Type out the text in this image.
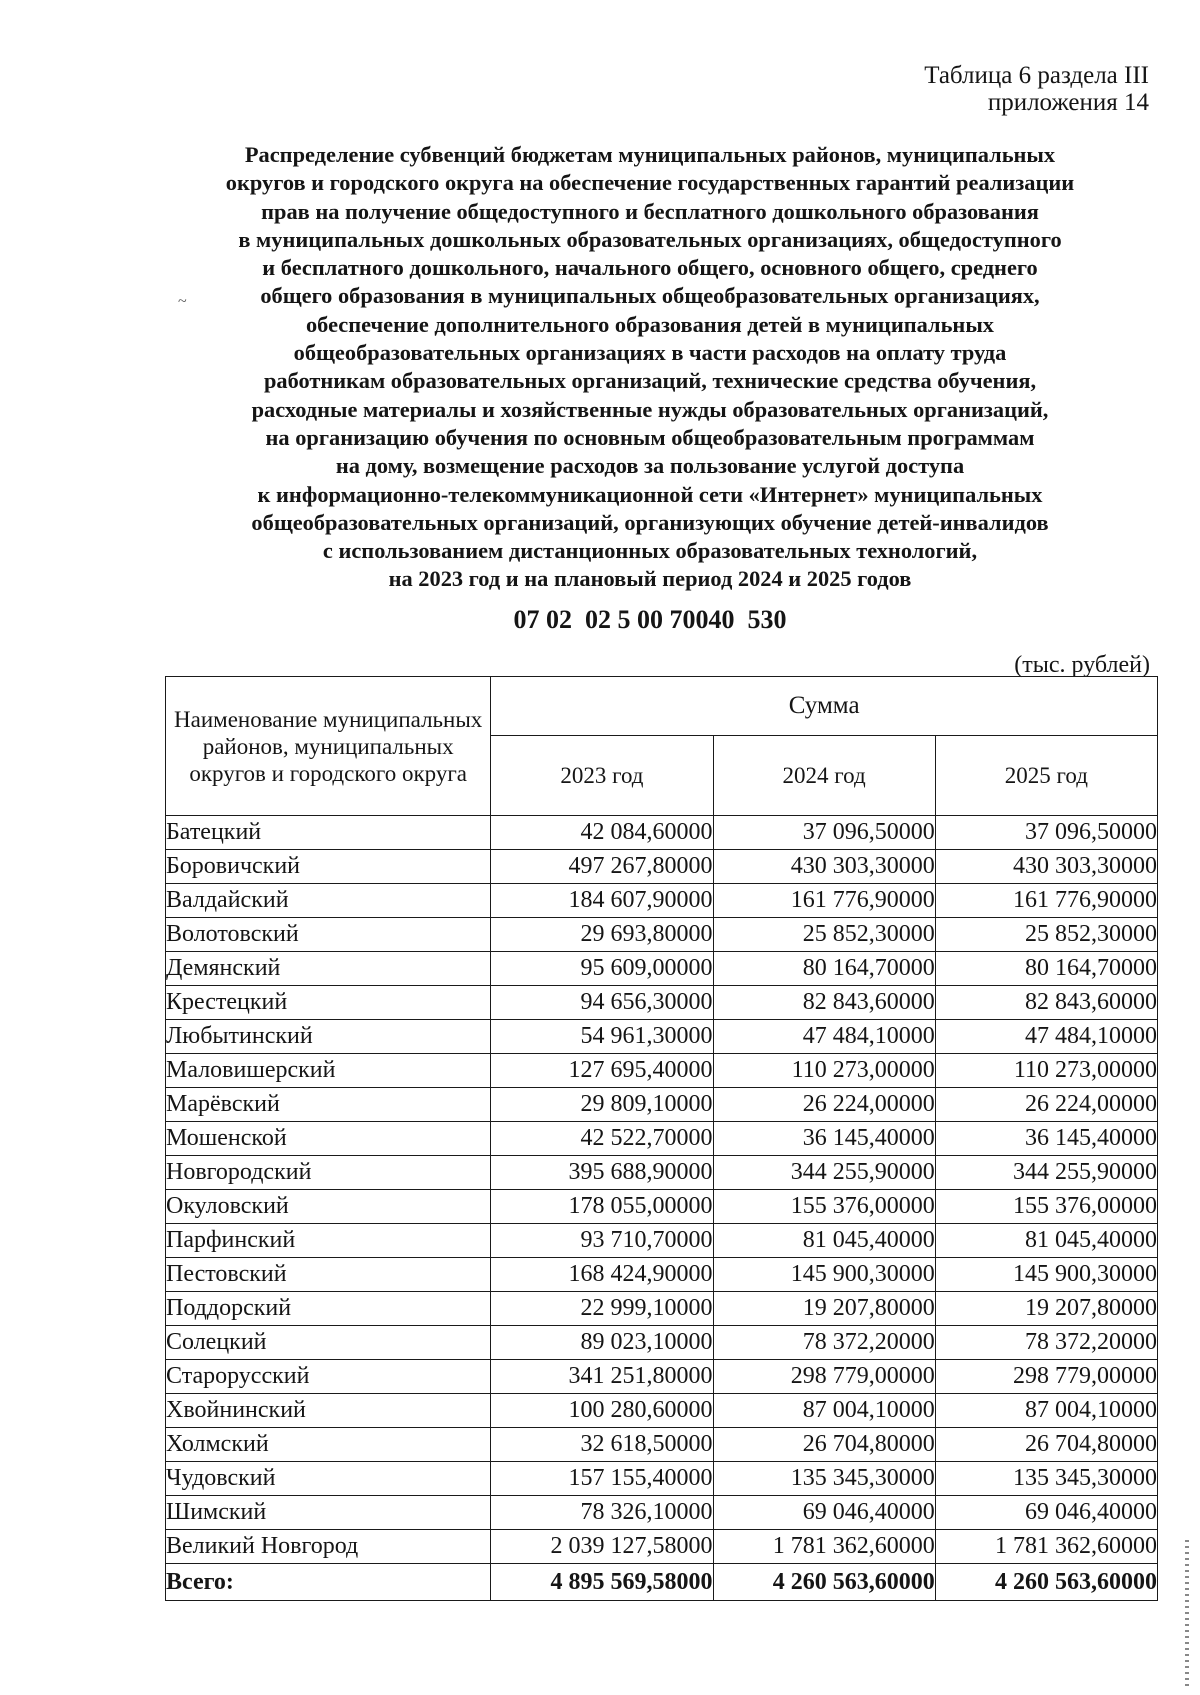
Таблица 6 раздела III
приложения 14
Распределение субвенций бюджетам муниципальных районов, муниципальных
округов и городского округа на обеспечение государственных гарантий реализации
прав на получение общедоступного и бесплатного дошкольного образования
в муниципальных дошкольных образовательных организациях, общедоступного
и бесплатного дошкольного, начального общего, основного общего, среднего
общего образования в муниципальных общеобразовательных организациях,
обеспечение дополнительного образования детей в муниципальных
общеобразовательных организациях в части расходов на оплату труда
работникам образовательных организаций, технические средства обучения,
расходные материалы и хозяйственные нужды образовательных организаций,
на организацию обучения по основным общеобразовательным программам
на дому, возмещение расходов за пользование услугой доступа
к информационно-телекоммуникационной сети «Интернет» муниципальных
общеобразовательных организаций, организующих обучение детей-инвалидов
с использованием дистанционных образовательных технологий,
на 2023 год и на плановый период 2024 и 2025 годов
~
07 02  02 5 00 70040  530
(тыс. рублей)
Наименование муниципальных районов, муниципальных округов и городского округа	Сумма		
	2023 год	2024 год	2025 год
Батецкий	42 084,60000	37 096,50000	37 096,50000
Боровичский	497 267,80000	430 303,30000	430 303,30000
Валдайский	184 607,90000	161 776,90000	161 776,90000
Волотовский	29 693,80000	25 852,30000	25 852,30000
Демянский	95 609,00000	80 164,70000	80 164,70000
Крестецкий	94 656,30000	82 843,60000	82 843,60000
Любытинский	54 961,30000	47 484,10000	47 484,10000
Маловишерский	127 695,40000	110 273,00000	110 273,00000
Марёвский	29 809,10000	26 224,00000	26 224,00000
Мошенской	42 522,70000	36 145,40000	36 145,40000
Новгородский	395 688,90000	344 255,90000	344 255,90000
Окуловский	178 055,00000	155 376,00000	155 376,00000
Парфинский	93 710,70000	81 045,40000	81 045,40000
Пестовский	168 424,90000	145 900,30000	145 900,30000
Поддорский	22 999,10000	19 207,80000	19 207,80000
Солецкий	89 023,10000	78 372,20000	78 372,20000
Старорусский	341 251,80000	298 779,00000	298 779,00000
Хвойнинский	100 280,60000	87 004,10000	87 004,10000
Холмский	32 618,50000	26 704,80000	26 704,80000
Чудовский	157 155,40000	135 345,30000	135 345,30000
Шимский	78 326,10000	69 046,40000	69 046,40000
Великий Новгород	2 039 127,58000	1 781 362,60000	1 781 362,60000
Всего:	4 895 569,58000	4 260 563,60000	4 260 563,60000
